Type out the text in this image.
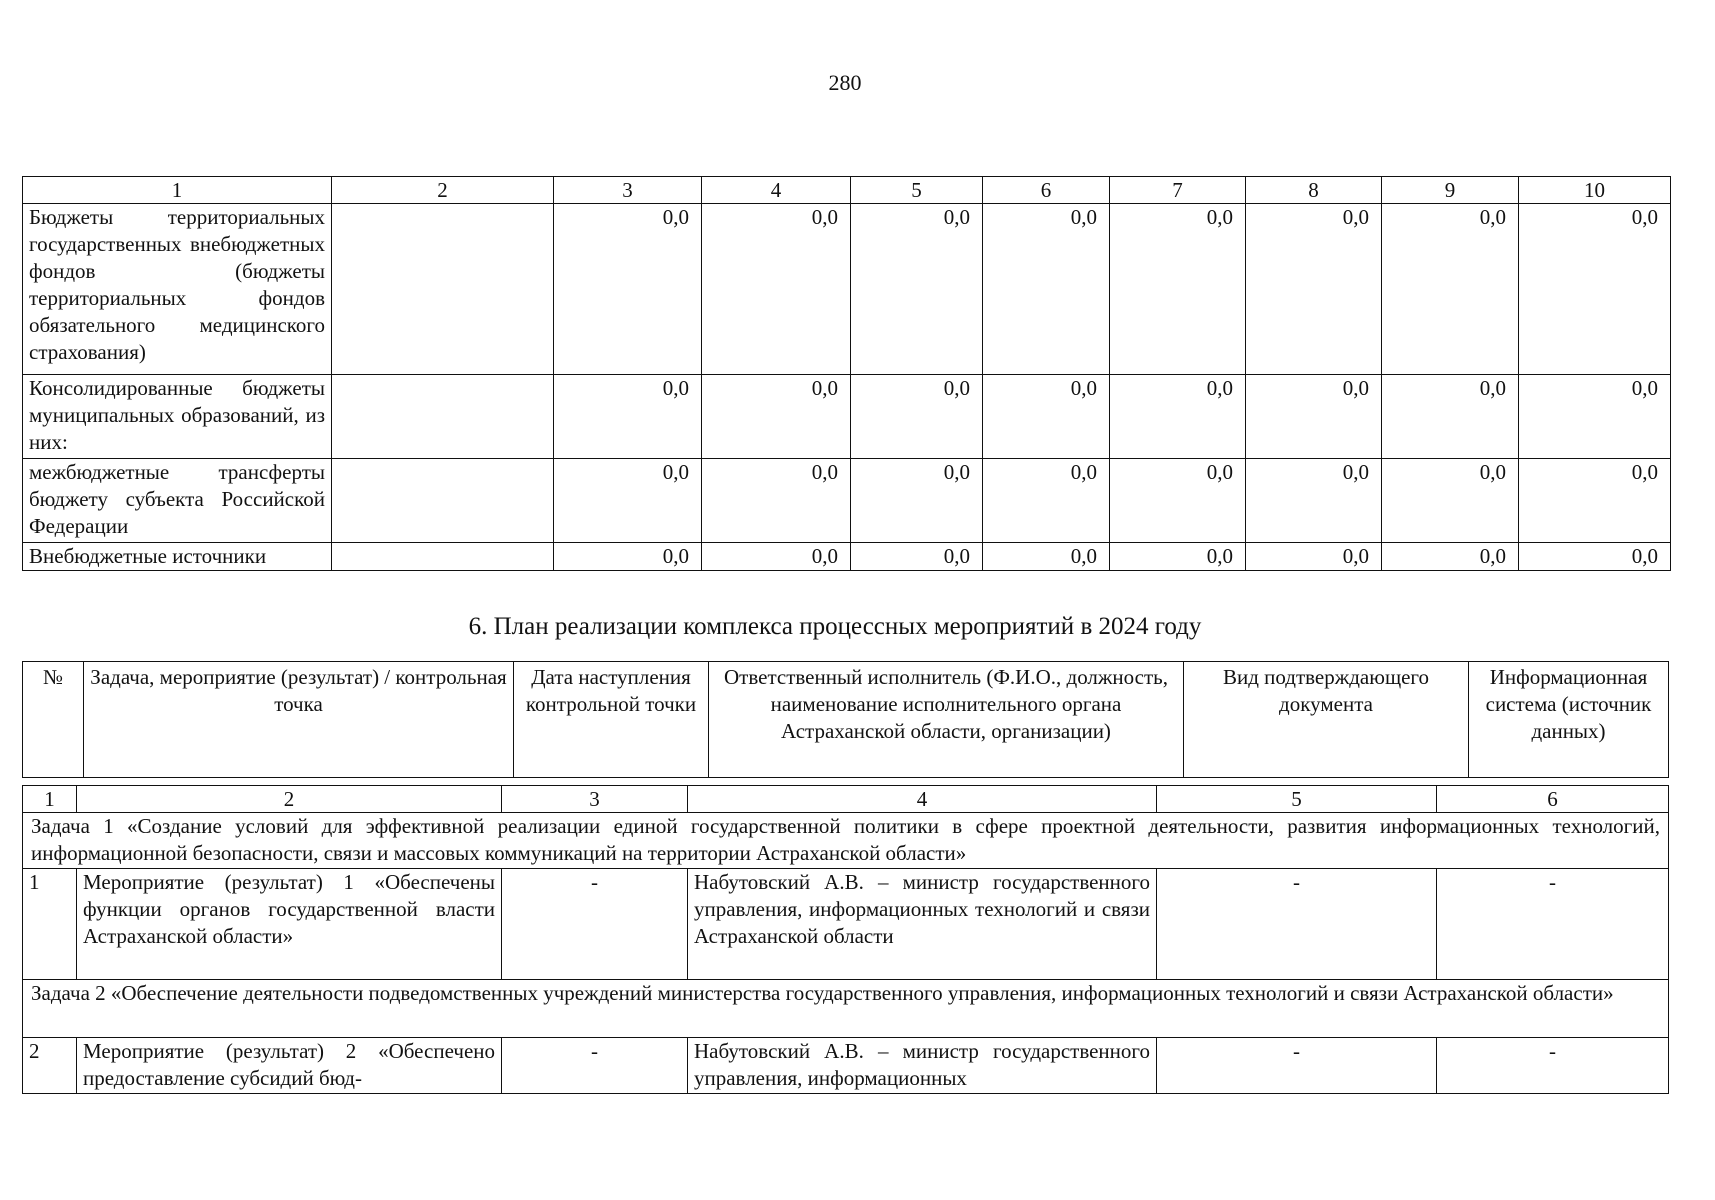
280
1	2	3	4	5	6	7	8	9	10
Бюджеты территориальных государственных внебюджетных фондов (бюджеты территориальных фондов обязательного медицинского страхования)		0,0	0,0	0,0	0,0	0,0	0,0	0,0	0,0
Консолидированные бюджеты муниципальных образований, из них:		0,0	0,0	0,0	0,0	0,0	0,0	0,0	0,0
межбюджетные трансферты бюджету субъекта Российской Федерации		0,0	0,0	0,0	0,0	0,0	0,0	0,0	0,0
Внебюджетные источники		0,0	0,0	0,0	0,0	0,0	0,0	0,0	0,0
6. План реализации комплекса процессных мероприятий в 2024 году
№	Задача, мероприятие (результат) / контрольная точка	Дата наступления контрольной точки	Ответственный исполнитель (Ф.И.О., должность, наименование исполнительного органа Астраханской области, организации)	Вид подтверждающего документа	Информационная система (источник данных)
1	2	3	4	5	6
Задача 1 «Создание условий для эффективной реализации единой государственной политики в сфере проектной деятельности, развития информационных технологий, информационной безопасности, связи и массовых коммуникаций на территории Астраханской области»					
1	Мероприятие (результат) 1 «Обеспечены функции органов государственной власти Астраханской области»	-	Набутовский А.В. – министр государственного управления, информационных технологий и связи Астраханской области	-	-
Задача 2 «Обеспечение деятельности подведомственных учреждений министерства государственного управления, информационных технологий и связи Астраханской области»					
2	Мероприятие (результат) 2 «Обеспечено предоставление субсидий бюд-	-	Набутовский А.В. – министр государственного управления, информационных	-	-
